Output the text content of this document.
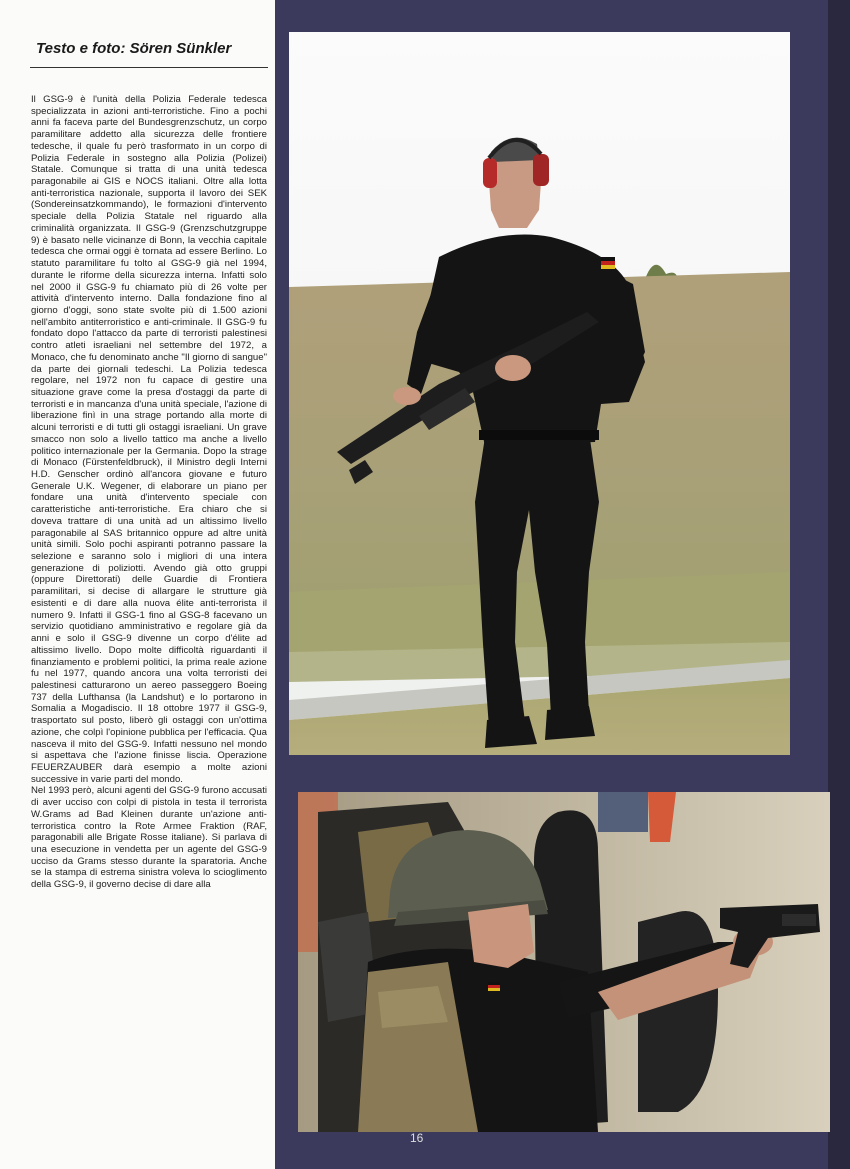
Testo e foto: Sören Sünkler

Il GSG-9 è l'unità della Polizia Federale tedesca specializzata in azioni anti-terroristiche. Fino a pochi anni fa faceva parte del Bundesgrenzschutz, un corpo paramilitare addetto alla sicurezza delle frontiere tedesche, il quale fu però trasformato in un corpo di Polizia Federale in sostegno alla Polizia (Polizei) Statale. Comunque si tratta di una unità tedesca paragonabile ai GIS e NOCS italiani. Oltre alla lotta anti-terroristica nazionale, supporta il lavoro dei SEK (Sondereinsatzkommando), le formazioni d'intervento speciale della Polizia Statale nel riguardo alla criminalità organizzata. Il GSG-9 (Grenzschutzgruppe 9) è basato nelle vicinanze di Bonn, la vecchia capitale tedesca che ormai oggi è tornata ad essere Berlino. Lo statuto paramilitare fu tolto al GSG-9 già nel 1994, durante le riforme della sicurezza interna. Infatti solo nel 2000 il GSG-9 fu chiamato più di 26 volte per attività d'intervento interno. Dalla fondazione fino al giorno d'oggi, sono state svolte più di 1.500 azioni nell'ambito antiterroristico e anti-criminale. Il GSG-9 fu fondato dopo l'attacco da parte di terroristi palestinesi contro atleti israeliani nel settembre del 1972, a Monaco, che fu denominato anche "Il giorno di sangue" da parte dei giornali tedeschi. La Polizia tedesca regolare, nel 1972 non fu capace di gestire una situazione grave come la presa d'ostaggi da parte di terroristi e in mancanza d'una unità speciale, l'azione di liberazione finì in una strage portando alla morte di alcuni terroristi e di tutti gli ostaggi israeliani. Un grave smacco non solo a livello tattico ma anche a livello politico internazionale per la Germania. Dopo la strage di Monaco (Fürstenfeldbruck), il Ministro degli Interni H.D. Genscher ordinò all'ancora giovane e futuro Generale U.K. Wegener, di elaborare un piano per fondare una unità d'intervento speciale con caratteristiche anti-terroristiche. Era chiaro che si doveva trattare di una unità ad un altissimo livello paragonabile al SAS britannico oppure ad altre unità unità simili. Solo pochi aspiranti potranno passare la selezione e saranno solo i migliori di una intera generazione di poliziotti. Avendo già otto gruppi (oppure Direttorati) delle Guardie di Frontiera paramilitari, si decise di allargare le strutture già esistenti e di dare alla nuova élite anti-terrorista il numero 9. Infatti il GSG-1 fino al GSG-8 facevano un servizio quotidiano amministrativo e regolare già da anni e solo il GSG-9 divenne un corpo d'élite ad altissimo livello. Dopo molte difficoltà riguardanti il finanziamento e problemi politici, la prima reale azione fu nel 1977, quando ancora una volta terroristi dei palestinesi catturarono un aereo passeggero Boeing 737 della Lufthansa (la Landshut) e lo portarono in Somalia a Mogadiscio. Il 18 ottobre 1977 il GSG-9, trasportato sul posto, liberò gli ostaggi con un'ottima azione, che colpì l'opinione pubblica per l'efficacia. Qua nasceva il mito del GSG-9. Infatti nessuno nel mondo si aspettava che l'azione finisse liscia. Operazione FEUERZAUBER darà esempio a molte azioni successive in varie parti del mondo.

Nel 1993 però, alcuni agenti del GSG-9 furono accusati di aver ucciso con colpi di pistola in testa il terrorista W.Grams ad Bad Kleinen durante un'azione anti-terroristica contro la Rote Armee Fraktion (RAF, paragonabili alle Brigate Rosse italiane). Si parlava di una esecuzione in vendetta per un agente del GSG-9 ucciso da Grams stesso durante la sparatoria. Anche se la stampa di estrema sinistra voleva lo scioglimento della GSG-9, il governo decise di dare alla

16
